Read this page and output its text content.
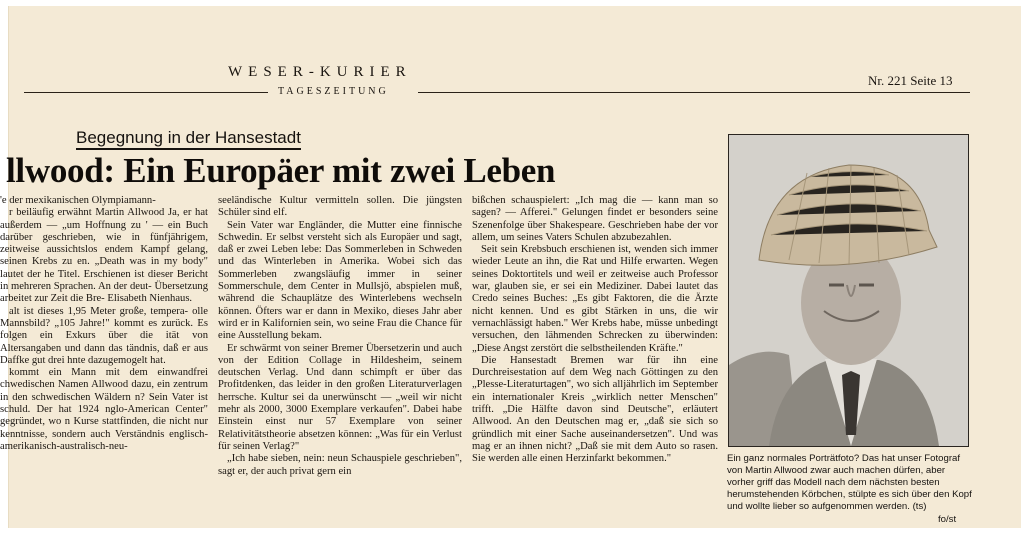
WESER-KURIER
TAGESZEITUNG
Nr. 221 Seite 13
Begegnung in der Hansestadt
llwood: Ein Europäer mit zwei Leben

'e der mexikanischen Olympiamann-

r beiläufig erwähnt Martin Allwood Ja, er hat außerdem — „um Hoffnung zu ' — ein Buch darüber geschrieben, wie in fünfjährigem, zeitweise aussichtslos endem Kampf gelang, seinen Krebs zu en. „Death was in my body" lautet der he Titel. Erschienen ist dieser Bericht in mehreren Sprachen. An der deut- Übersetzung arbeitet zur Zeit die Bre- Elisabeth Nienhaus.

alt ist dieses 1,95 Meter große, tempera- olle Mannsbild? „105 Jahre!" kommt es zurück. Es folgen ein Exkurs über die ität von Altersangaben und dann das tändnis, daß er aus Daffke gut drei hnte dazugemogelt hat.

kommt ein Mann mit dem einwandfrei chwedischen Namen Allwood dazu, ein zentrum in den schwedischen Wäldern n? Sein Vater ist schuld. Der hat 1924 nglo-American Center" gegründet, wo n Kurse stattfinden, die nicht nur kenntnisse, sondern auch Verständnis englisch-amerikanisch-australisch-neu-

seeländische Kultur vermitteln sollen. Die jüngsten Schüler sind elf.

Sein Vater war Engländer, die Mutter eine finnische Schwedin. Er selbst versteht sich als Europäer und sagt, daß er zwei Leben lebe: Das Sommerleben in Schweden und das Winterleben in Amerika. Wobei sich das Sommerleben zwangsläufig immer in seiner Sommerschule, dem Center in Mullsjö, abspielen muß, während die Schauplätze des Winterlebens wechseln können. Öfters war er dann in Mexiko, dieses Jahr aber wird er in Kalifornien sein, wo seine Frau die Chance für eine Ausstellung bekam.

Er schwärmt von seiner Bremer Übersetzerin und auch von der Edition Collage in Hildesheim, seinem deutschen Verlag. Und dann schimpft er über das Profitdenken, das leider in den großen Literaturverlagen herrsche. Kultur sei da unerwünscht — „weil wir nicht mehr als 2000, 3000 Exemplare verkaufen". Dabei habe Einstein einst nur 57 Exemplare von seiner Relativitätstheorie absetzen können: „Was für ein Verlust für seinen Verlag?"

„Ich habe sieben, nein: neun Schauspiele geschrieben", sagt er, der auch privat gern ein

bißchen schauspielert: „Ich mag die — kann man so sagen? — Afferei." Gelungen findet er besonders seine Szenenfolge über Shakespeare. Geschrieben habe der vor allem, um seines Vaters Schulen abzubezahlen.

Seit sein Krebsbuch erschienen ist, wenden sich immer wieder Leute an ihn, die Rat und Hilfe erwarten. Wegen seines Doktortitels und weil er zeitweise auch Professor war, glauben sie, er sei ein Mediziner. Dabei lautet das Credo seines Buches: „Es gibt Faktoren, die die Ärzte nicht kennen. Und es gibt Stärken in uns, die wir vernachlässigt haben." Wer Krebs habe, müsse unbedingt versuchen, den lähmenden Schrecken zu überwinden: „Diese Angst zerstört die selbstheilenden Kräfte."

Die Hansestadt Bremen war für ihn eine Durchreisestation auf dem Weg nach Göttingen zu den „Plesse-Literaturtagen", wo sich alljährlich im September ein internationaler Kreis „wirklich netter Menschen" trifft. „Die Hälfte davon sind Deutsche", erläutert Allwood. An den Deutschen mag er, „daß sie sich so gründlich mit einer Sache auseinandersetzen". Und was mag er an ihnen nicht? „Daß sie mit dem Auto so rasen. Sie werden alle einen Herzinfarkt bekommen."	Ein ganz normales Porträtfoto? Das hat unser Fotograf von Martin Allwood zwar auch machen dürfen, aber vorher griff das Modell nach dem nächsten besten herumstehenden Körbchen, stülpte es sich über den Kopf und wollte lieber so aufgenommen werden. (ts)

fo/st
